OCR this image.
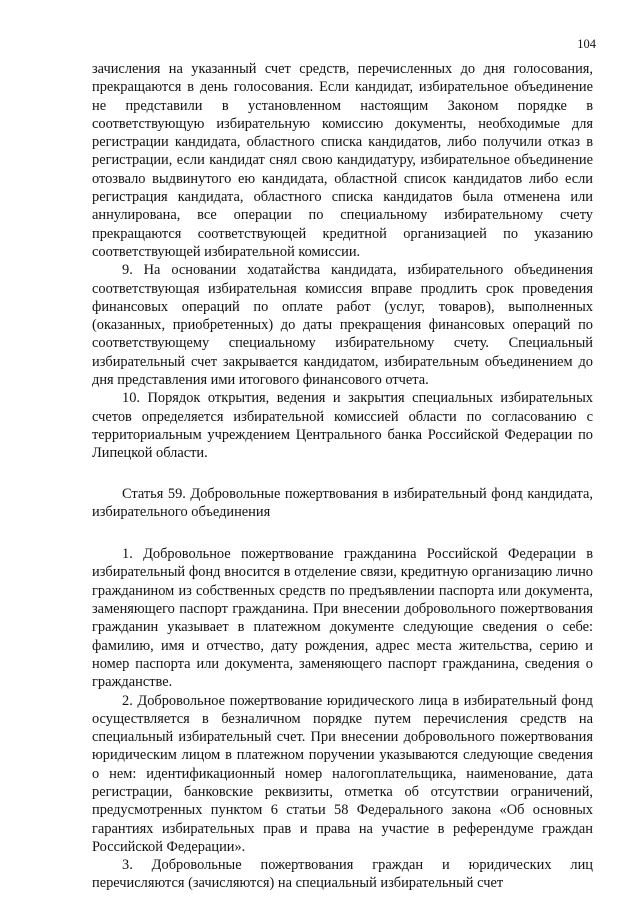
104

зачисления на указанный счет средств, перечисленных до дня голосования, прекращаются в день голосования. Если кандидат, избирательное объединение не представили в установленном настоящим Законом порядке в соответствующую избирательную комиссию документы, необходимые для регистрации кандидата, областного списка кандидатов, либо получили отказ в регистрации, если кандидат снял свою кандидатуру, избирательное объединение отозвало выдвинутого ею кандидата, областной список кандидатов либо если регистрация кандидата, областного списка кандидатов была отменена или аннулирована, все операции по специальному избирательному счету прекращаются соответствующей кредитной организацией по указанию соответствующей избирательной комиссии.

9. На основании ходатайства кандидата, избирательного объединения соответствующая избирательная комиссия вправе продлить срок проведения финансовых операций по оплате работ (услуг, товаров), выполненных (оказанных, приобретенных) до даты прекращения финансовых операций по соответствующему специальному избирательному счету. Специальный избирательный счет закрывается кандидатом, избирательным объединением до дня представления ими итогового финансового отчета.

10. Порядок открытия, ведения и закрытия специальных избирательных счетов определяется избирательной комиссией области по согласованию с территориальным учреждением Центрального банка Российской Федерации по Липецкой области.

Статья 59. Добровольные пожертвования в избирательный фонд кандидата, избирательного объединения

1. Добровольное пожертвование гражданина Российской Федерации в избирательный фонд вносится в отделение связи, кредитную организацию лично гражданином из собственных средств по предъявлении паспорта или документа, заменяющего паспорт гражданина. При внесении добровольного пожертвования гражданин указывает в платежном документе следующие сведения о себе: фамилию, имя и отчество, дату рождения, адрес места жительства, серию и номер паспорта или документа, заменяющего паспорт гражданина, сведения о гражданстве.

2. Добровольное пожертвование юридического лица в избирательный фонд осуществляется в безналичном порядке путем перечисления средств на специальный избирательный счет. При внесении добровольного пожертвования юридическим лицом в платежном поручении указываются следующие сведения о нем: идентификационный номер налогоплательщика, наименование, дата регистрации, банковские реквизиты, отметка об отсутствии ограничений, предусмотренных пунктом 6 статьи 58 Федерального закона «Об основных гарантиях избирательных прав и права на участие в референдуме граждан Российской Федерации».

3. Добровольные пожертвования граждан и юридических лиц перечисляются (зачисляются) на специальный избирательный счет
